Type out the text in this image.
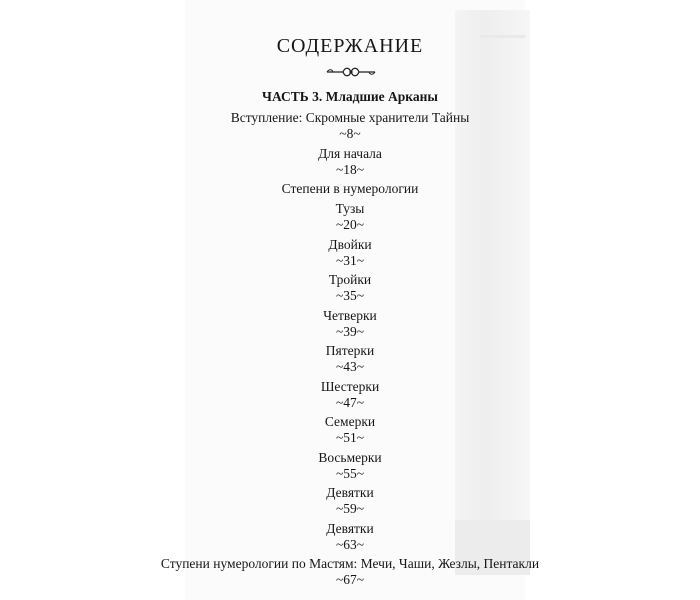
СОДЕРЖАНИЕ
ЧАСТЬ 3. Младшие Арканы
Вступление: Скромные хранители Тайны
~8~
Для начала
~18~
Степени в нумерологии
Тузы
~20~
Двойки
~31~
Тройки
~35~
Четверки
~39~
Пятерки
~43~
Шестерки
~47~
Семерки
~51~
Восьмерки
~55~
Девятки
~59~
Девятки
~63~
Ступени нумерологии по Мастям: Мечи, Чаши, Жезлы, Пентакли
~67~
